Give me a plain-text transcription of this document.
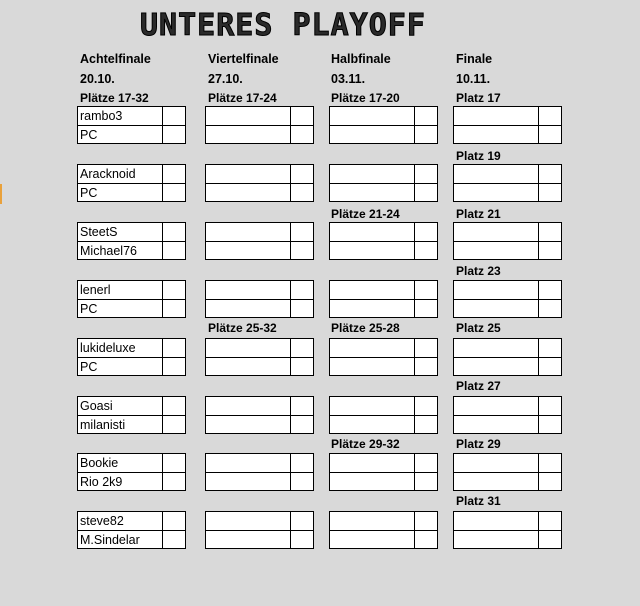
UNTERES PLAYOFF
Achtelfinale
20.10.
Viertelfinale
27.10.
Halbfinale
03.11.
Finale
10.11.
Plätze 17-32	Plätze 17-24
Plätze 25-32
Plätze 17-20
Plätze 21-24
Plätze 25-28
Plätze 29-32
Platz 17
Platz 19
Platz 21
Platz 23
Platz 25
Platz 27
Platz 29
Platz 31
rambo3
PC
Aracknoid
PC
SteetS
Michael76
lenerl
PC
lukideluxe
PC
Goasi
milanisti
Bookie
Rio 2k9
steve82
M.Sindelar
